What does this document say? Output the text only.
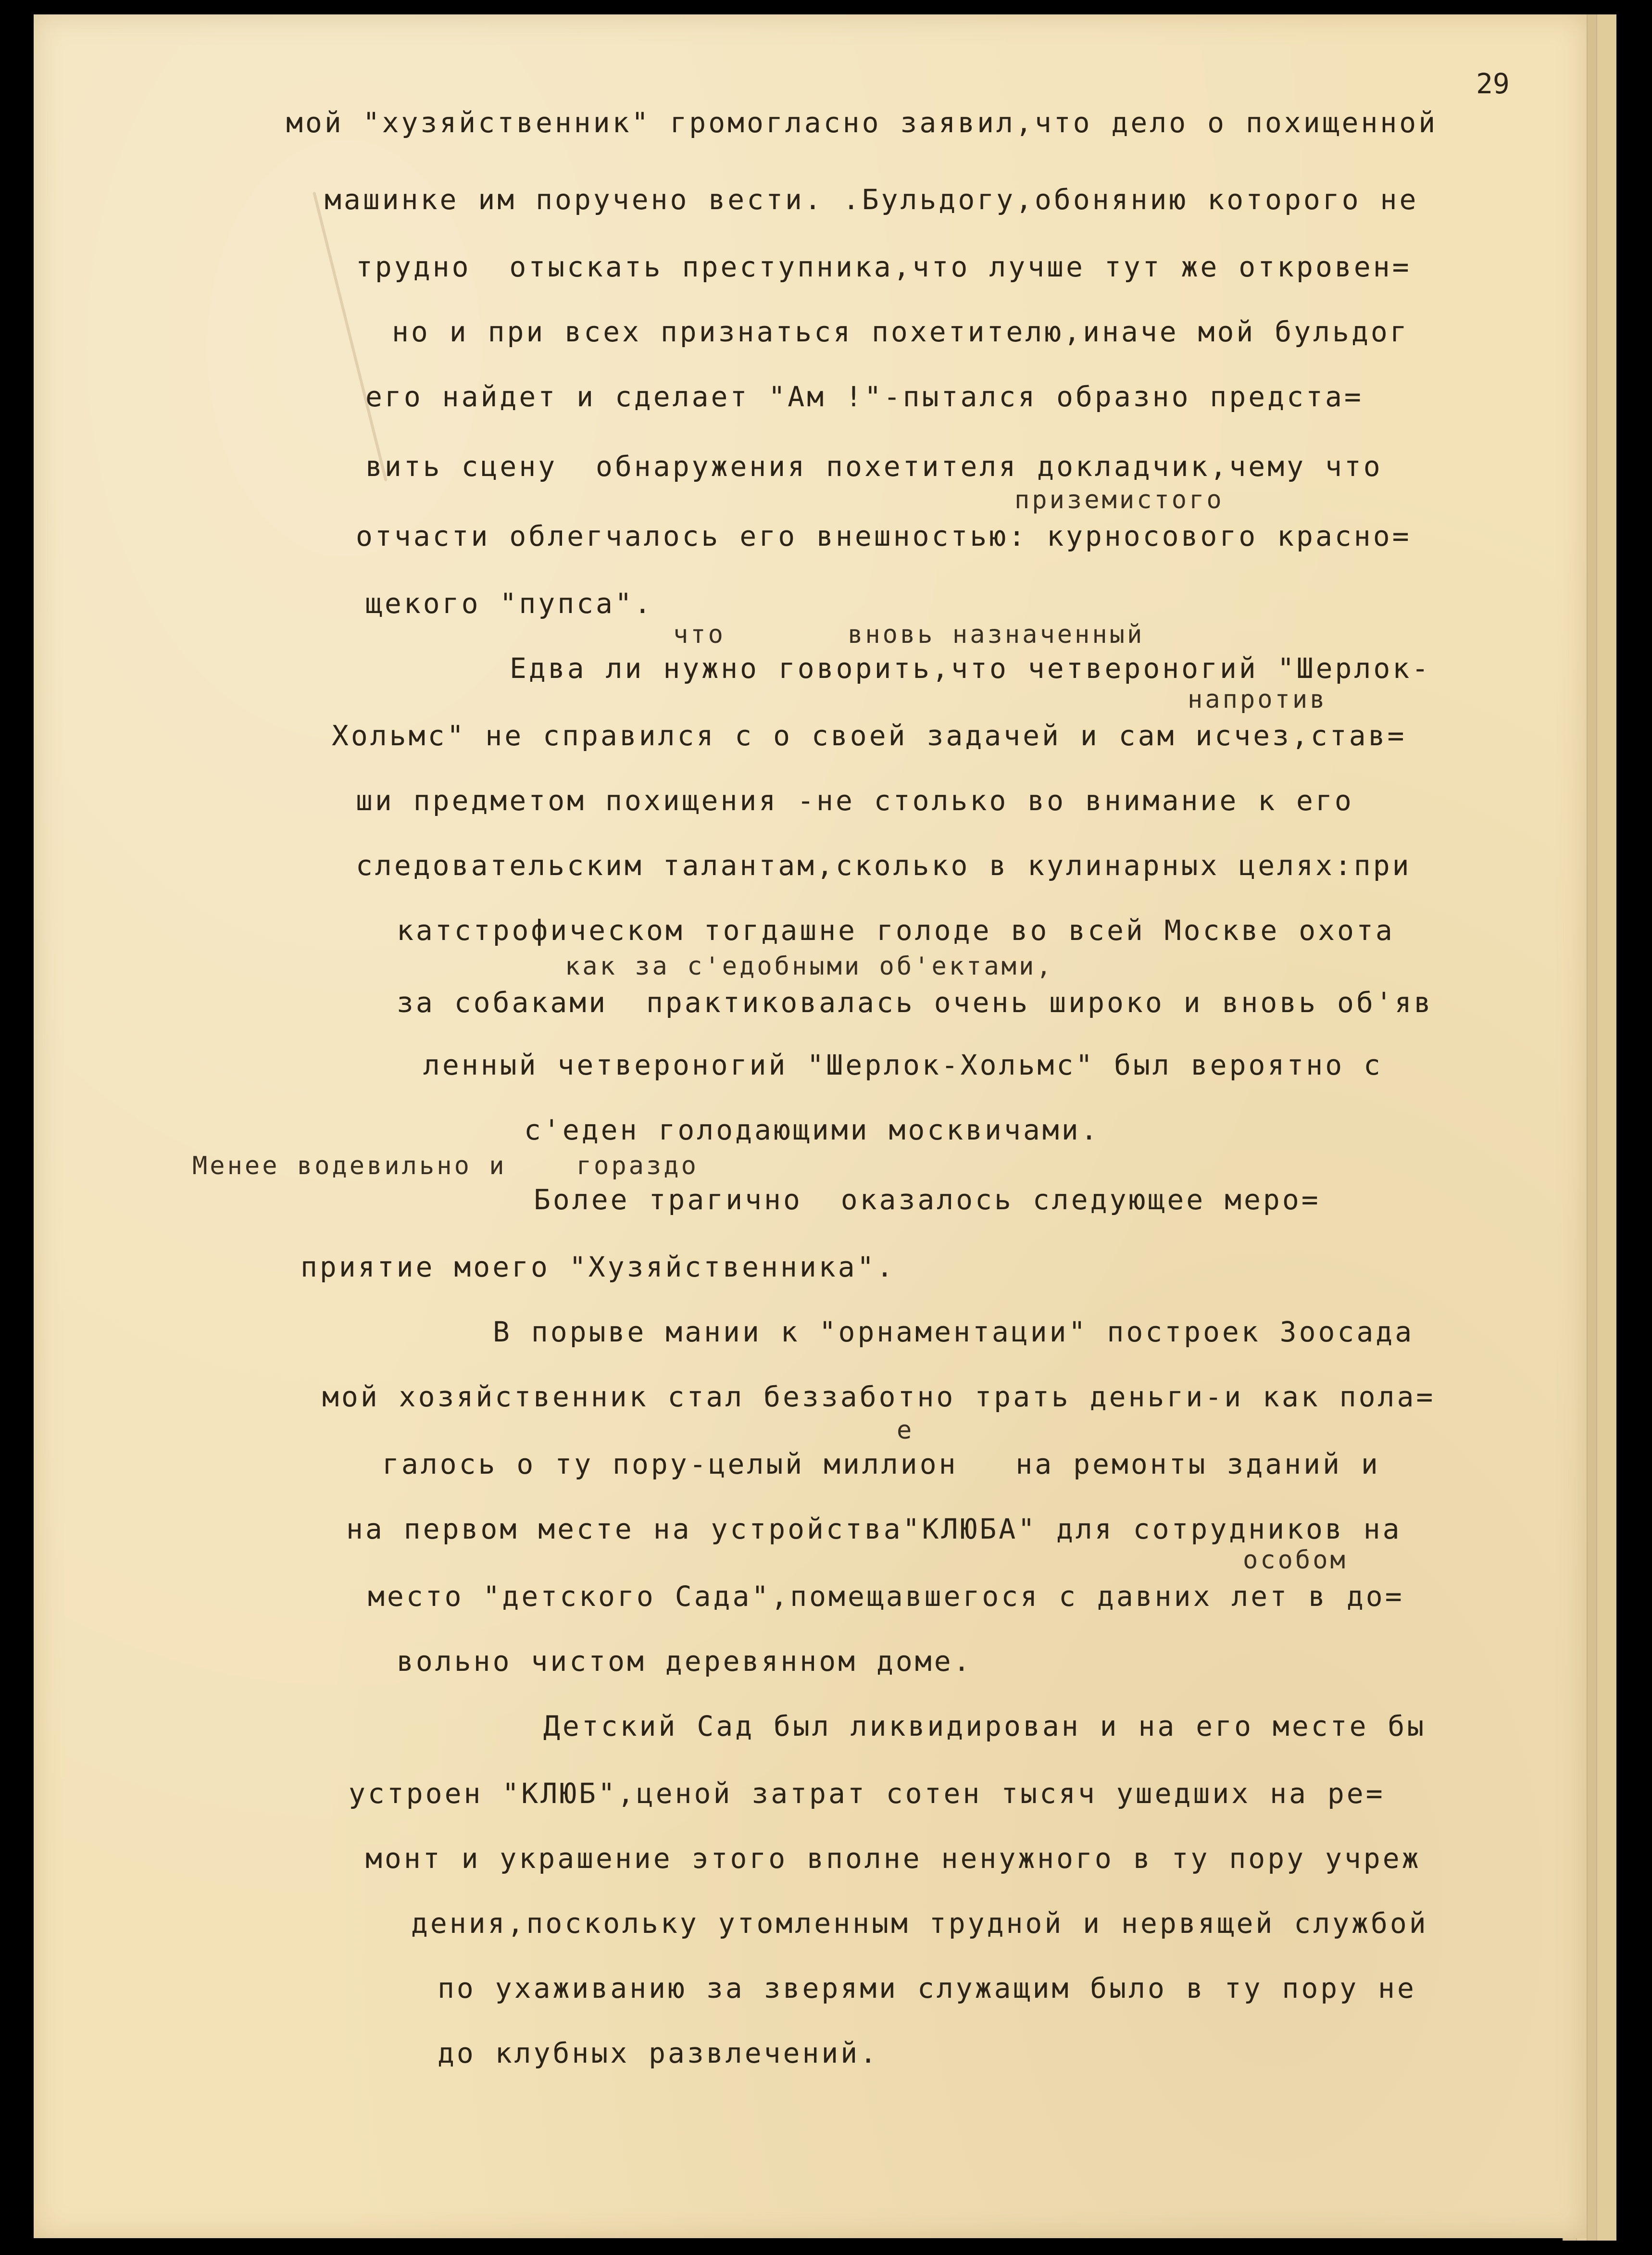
29

мой "хузяйственник" громогласно заявил,что дело о похищенной

машинке им поручено вести. .Бульдогу,обонянию которого не

трудно  отыскать преступника,что лучше тут же откровен=

но и при всех признаться похетителю,иначе мой бульдог

его найдет и сделает "Ам !"-пытался образно предста=

вить сцену  обнаружения похетителя докладчик,чему что

приземистого

отчасти облегчалось его внешностью: курносового красно=

щекого "пупса".

что       вновь назначенный

Едва ли нужно говорить,что четвероногий "Шерлок-

напротив

Хольмс" не справился с о своей задачей и сам исчез,став=

ши предметом похищения -не столько во внимание к его

следовательским талантам,сколько в кулинарных целях:при

катстрофическом тогдашне голоде во всей Москве охота

как за с'едобными об'ектами,

за собаками  практиковалась очень широко и вновь об'яв

ленный четвероногий "Шерлок-Хольмс" был вероятно с

с'еден голодающими москвичами.

Менее водевильно и    гораздо

Более трагично  оказалось следующее меро=

приятие моего "Хузяйственника".

В порыве мании к "орнаментации" построек Зоосада

мой хозяйственник стал беззаботно трать деньги-и как пола=

е

галось о ту пору-целый миллион   на ремонты зданий и

на первом месте на устройства"КЛЮБА" для сотрудников на

особом

место "детского Сада",помещавшегося с давних лет в до=

вольно чистом деревянном доме.

Детский Сад был ликвидирован и на его месте бы

устроен "КЛЮБ",ценой затрат сотен тысяч ушедших на ре=

монт и украшение этого вполне ненужного в ту пору учреж

дения,поскольку утомленным трудной и нервящей службой

по ухаживанию за зверями служащим было в ту пору не

до клубных развлечений.
